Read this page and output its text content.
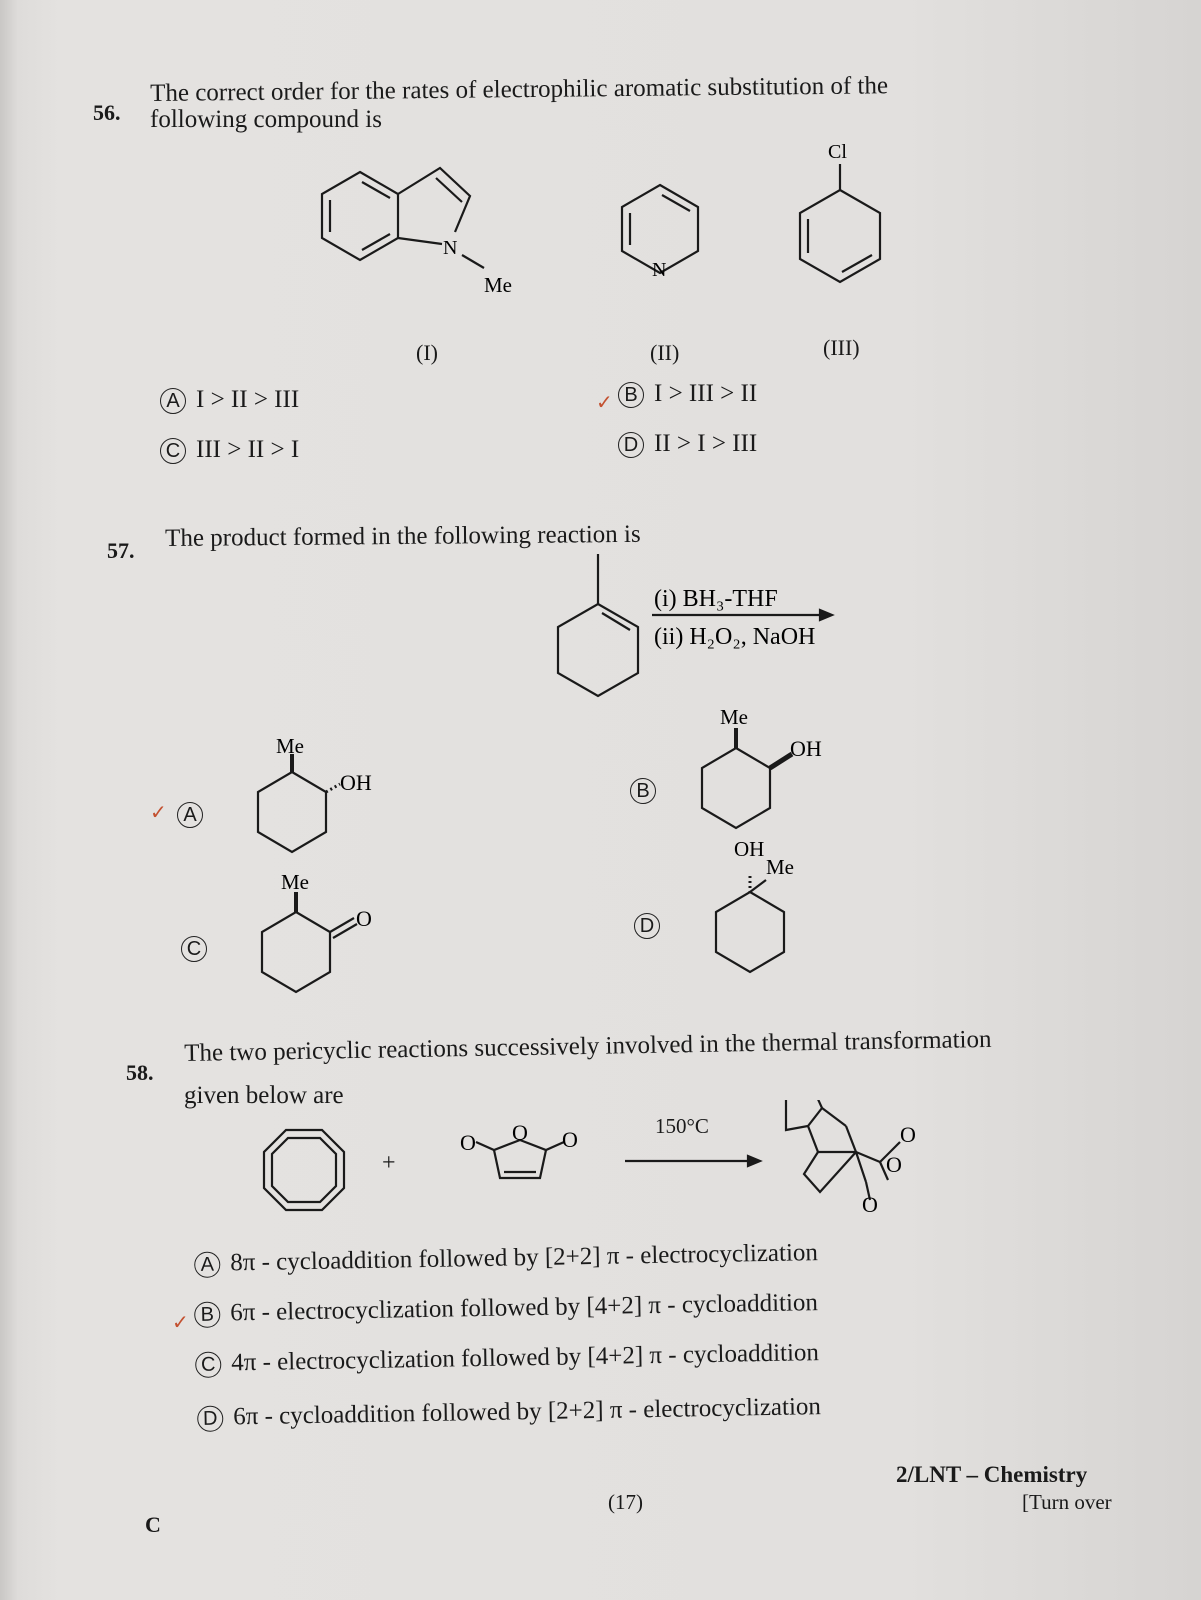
56.
The correct order for the rates of electrophilic aromatic substitution of the
following compound is
N
Me
N
Cl
(I)	(II)	(III)
A I > II > III	✓ B I > III > II
C III > II > I	D II > I > III
57. The product formed in the following reaction is
(i) BH₃-THF
(ii) H₂O₂, NaOH
Me
OH
Me
OH
Me
O
OH
Me
✓ A
B
C
D
58.
The two pericyclic reactions successively involved in the thermal transformation
given below are
O O O	O
O
O
+
150°C
A 8π - cycloaddition followed by [2+2] π - electrocyclization
✓ B 6π - electrocyclization followed by [4+2] π - cycloaddition
C 4π - electrocyclization followed by [4+2] π - cycloaddition
D 6π - cycloaddition followed by [2+2] π - electrocyclization
C
(17)
2/LNT – Chemistry
[Turn over
